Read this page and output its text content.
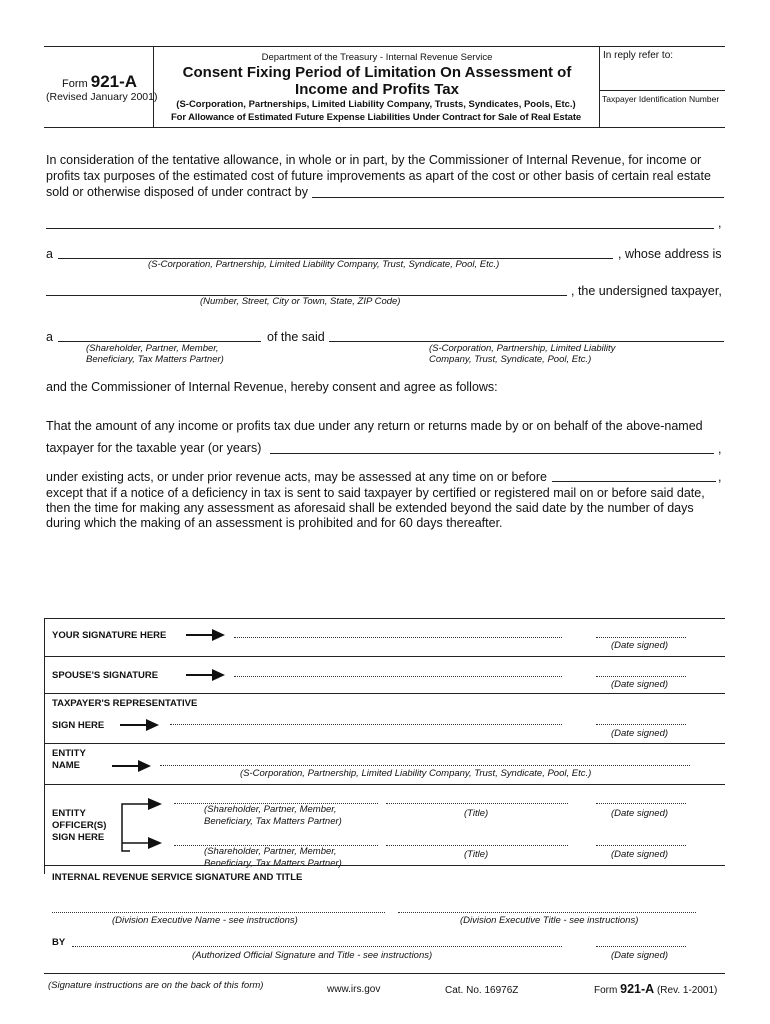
Form 921-A
(Revised January 2001)
Department of the Treasury - Internal Revenue Service
Consent Fixing Period of Limitation On Assessment of
Income and Profits Tax
(S-Corporation, Partnerships, Limited Liability Company, Trusts, Syndicates, Pools, Etc.)
For Allowance of Estimated Future Expense Liabilities Under Contract for Sale of Real Estate
In reply refer to:
Taxpayer Identification Number
In consideration of the tentative allowance, in whole or in part, by the Commissioner of Internal Revenue, for income or
profits tax purposes of the estimated cost of future improvements as apart of the cost or other basis of certain real estate
sold or otherwise disposed of under contract by
,
a	, whose address is
(S-Corporation, Partnership, Limited Liability Company, Trust, Syndicate, Pool, Etc.)
, the undersigned taxpayer,
(Number, Street, City or Town, State, ZIP Code)
a	of the said
(Shareholder, Partner, Member,
Beneficiary, Tax Matters Partner)
(S-Corporation, Partnership, Limited Liability
Company, Trust, Syndicate, Pool, Etc.)
and the Commissioner of Internal Revenue, hereby consent and agree as follows:
That the amount of any income or profits tax due under any return or returns made by or on behalf of the above-named
taxpayer for the taxable year (or years)	,
under existing acts, or under prior revenue acts, may be assessed at any time on or before	,
except that if a notice of a deficiency in tax is sent to said taxpayer by certified or registered mail on or before said date,
then the time for making any assessment as aforesaid shall be extended beyond the said date by the number of days
during which the making of an assessment is prohibited and for 60 days thereafter.
YOUR SIGNATURE HERE
(Date signed)
SPOUSE'S SIGNATURE
(Date signed)
TAXPAYER'S REPRESENTATIVE
SIGN HERE
(Date signed)
ENTITY
NAME
(S-Corporation, Partnership, Limited Liability Company, Trust, Syndicate, Pool, Etc.)
ENTITY
OFFICER(S)
SIGN HERE
(Shareholder, Partner, Member,
Beneficiary, Tax Matters Partner)
(Title)	(Date signed)
(Shareholder, Partner, Member,
Beneficiary, Tax Matters Partner)
(Title)	(Date signed)
INTERNAL REVENUE SERVICE SIGNATURE AND TITLE
(Division Executive Name - see instructions)	(Division Executive Title - see instructions)
BY
(Authorized Official Signature and Title - see instructions)	(Date signed)
(Signature instructions are on the back of this form)	www.irs.gov	Cat. No. 16976Z	Form 921-A (Rev. 1-2001)
